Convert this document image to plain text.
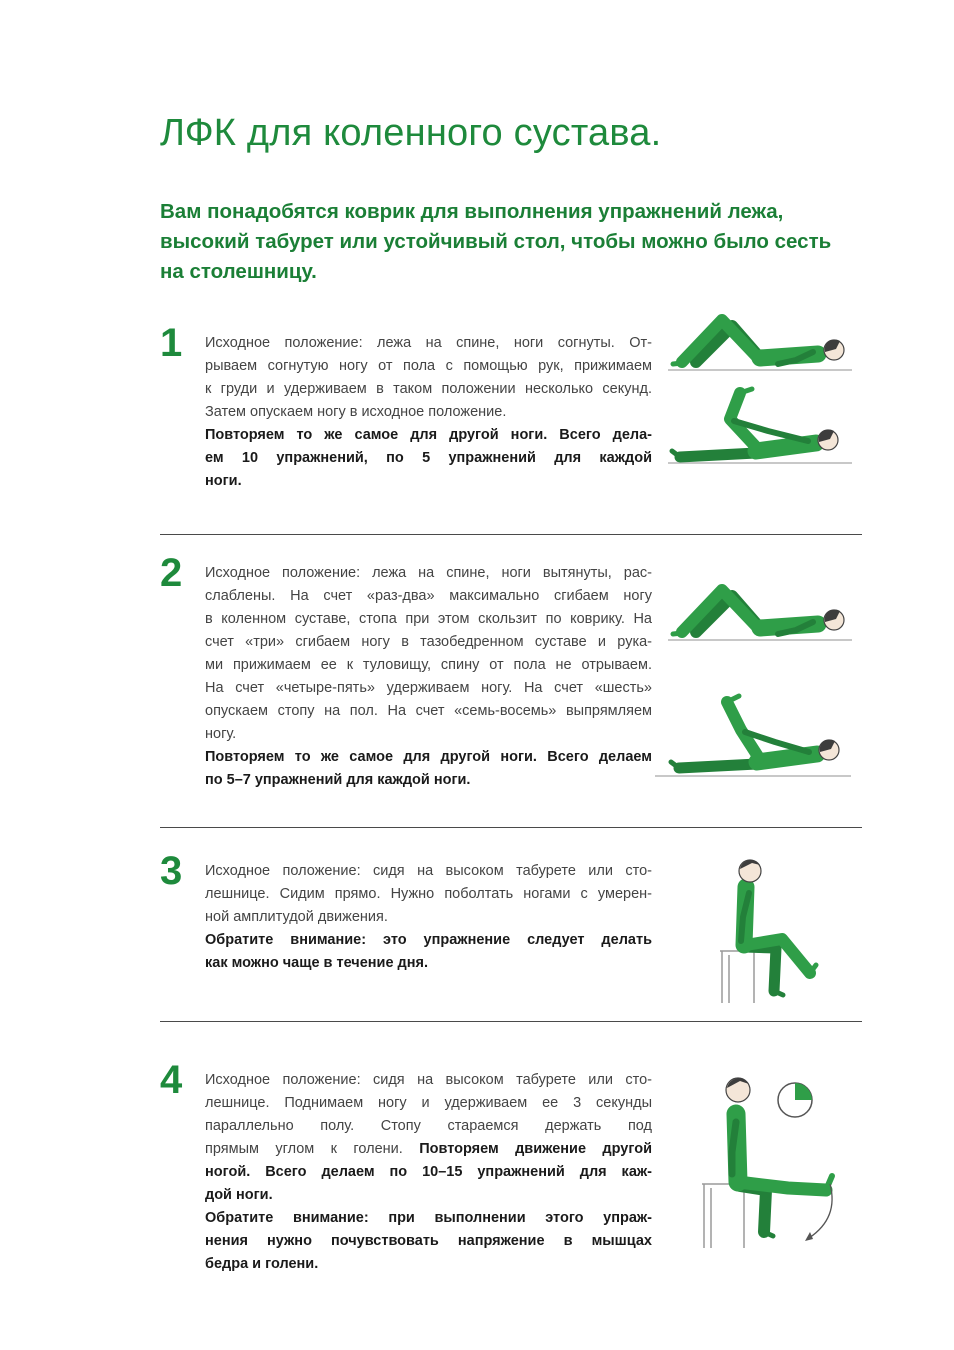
ЛФК для коленного сустава.
Вам понадобятся коврик для выполнения упражнений лежа,
высокий табурет или устойчивый стол, чтобы можно было сесть
на столешницу.
1 Исходное положение: лежа на спине, ноги согнуты. От-
рываем согнутую ногу от пола с помощью рук, прижимаем
к груди и удерживаем в таком положении несколько секунд.
Затем опускаем ногу в исходное положение.
Повторяем то же самое для другой ноги. Всего дела-
ем 10 упражнений, по 5 упражнений для каждой
ноги.
2 Исходное положение: лежа на спине, ноги вытянуты, рас-
слаблены. На счет «раз-два» максимально сгибаем ногу
в коленном суставе, стопа при этом скользит по коврику. На
счет «три» сгибаем ногу в тазобедренном суставе и рука-
ми прижимаем ее к туловищу, спину от пола не отрываем.
На счет «четыре-пять» удерживаем ногу. На счет «шесть»
опускаем стопу на пол. На счет «семь-восемь» выпрямляем
ногу.
Повторяем то же самое для другой ноги. Всего делаем
по 5–7 упражнений для каждой ноги.
3 Исходное положение: сидя на высоком табурете или сто-
лешнице. Сидим прямо. Нужно поболтать ногами с умерен-
ной амплитудой движения.
Обратите внимание: это упражнение следует делать
как можно чаще в течение дня.
4 Исходное положение: сидя на высоком табурете или сто-
лешнице. Поднимаем ногу и удерживаем ее 3 секунды
параллельно полу. Стопу стараемся держать под
прямым углом к голени. Повторяем движение другой
ногой. Всего делаем по 10–15 упражнений для каж-
дой ноги.
Обратите внимание: при выполнении этого упраж-
нения нужно почувствовать напряжение в мышцах
бедра и голени.
